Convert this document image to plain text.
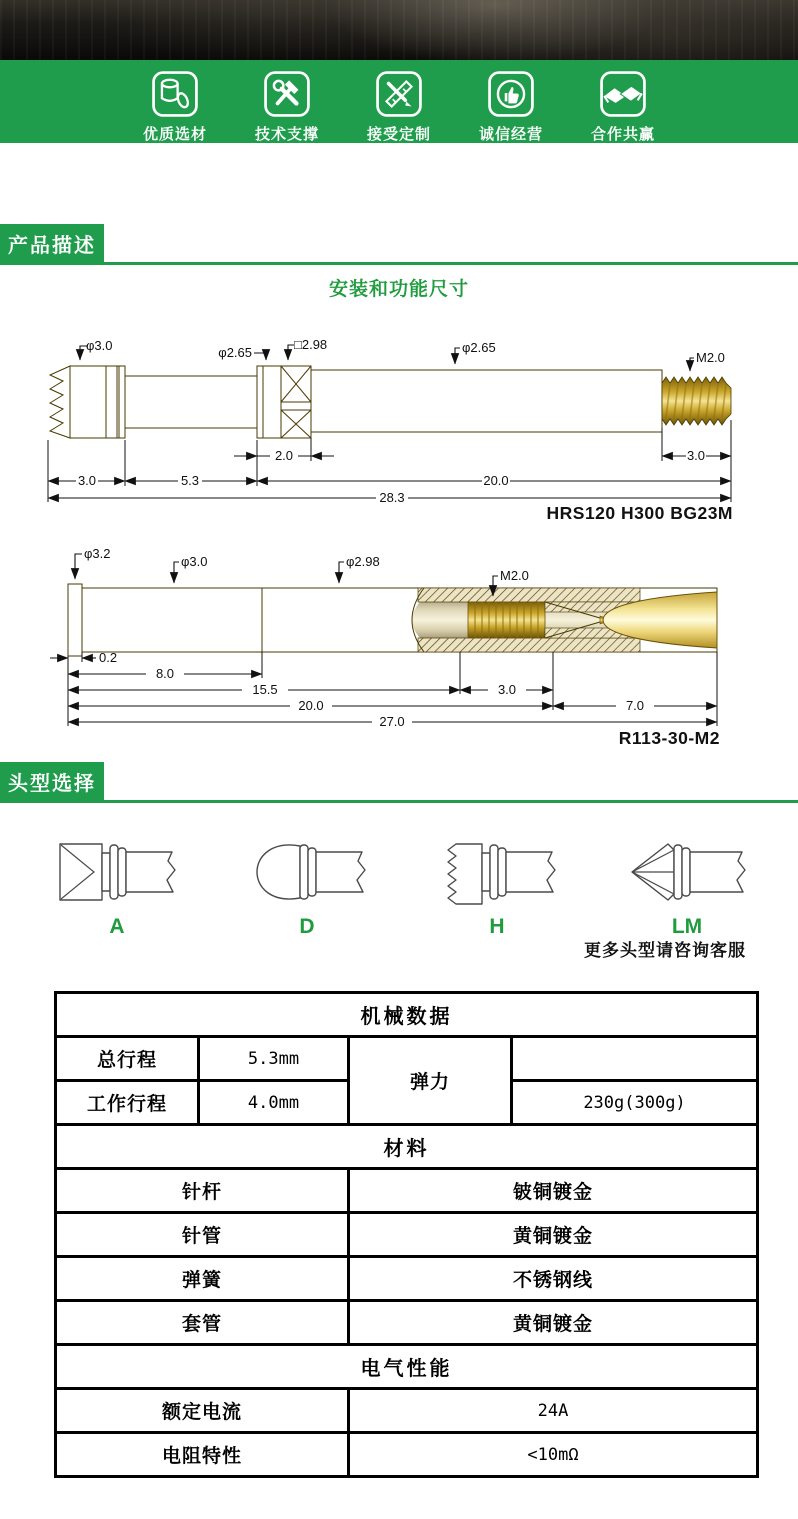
优质选材	技术支撑	接受定制	诚信经营	合作共赢
产品描述
安装和功能尺寸
φ3.0	φ2.65
□2.98	φ2.65
M2.0
2.0	3.0
3.0	5.3	20.0
28.3
HRS120 H300 BG23M
φ3.2
φ3.0	φ2.98
M2.0
0.2
8.0
15.5	3.0
20.0	7.0
27.0
R113-30-M2
头型选择
A	D	H	LM
更多头型请咨询客服
机械数据			
总行程	5.3mm	弹力	
工作行程	4.0mm		230g(300g)
材料			
针杆		铍铜镀金	
针管		黄铜镀金	
弹簧		不锈钢线	
套管		黄铜镀金	
电气性能			
额定电流		24A	
电阻特性		<10mΩ	
